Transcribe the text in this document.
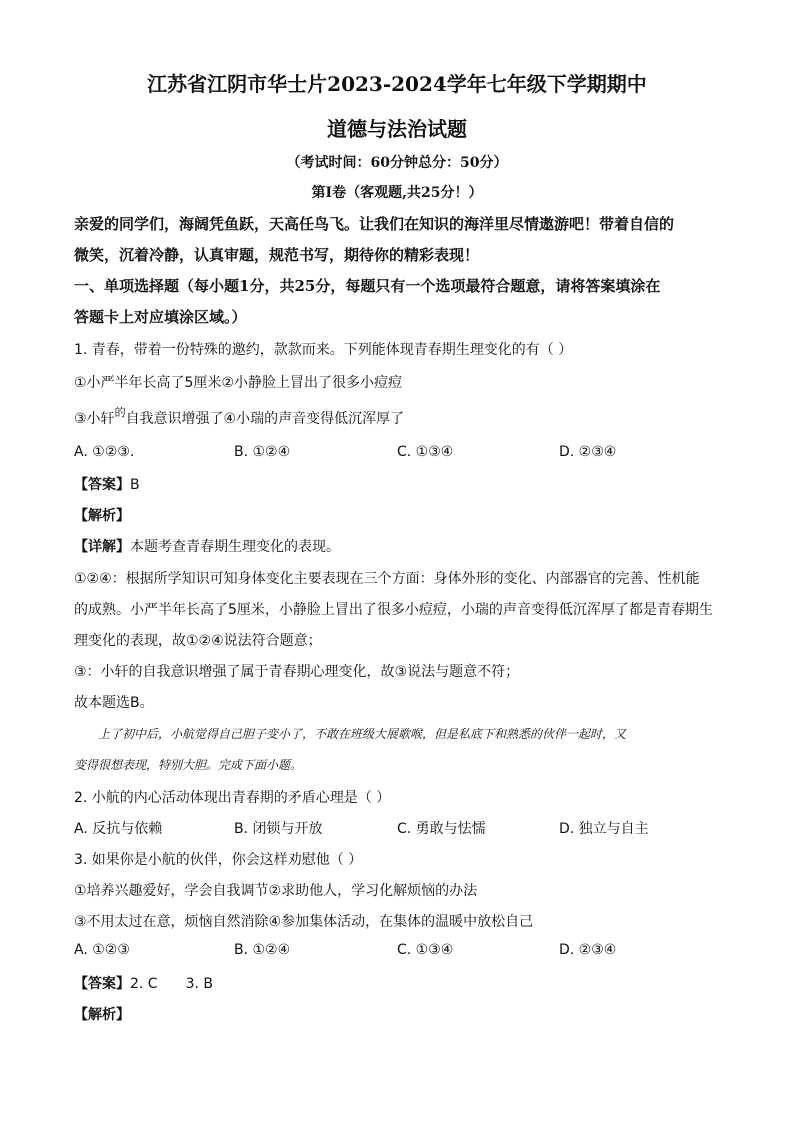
江苏省江阴市华士片2023-2024学年七年级下学期期中
道德与法治试题
（考试时间：60分钟总分：50分）
第Ⅰ卷（客观题,共25分！）
亲爱的同学们，海阔凭鱼跃，天高任鸟飞。让我们在知识的海洋里尽情遨游吧！带着自信的
微笑，沉着冷静，认真审题，规范书写，期待你的精彩表现！
一、单项选择题（每小题1分，共25分，每题只有一个选项最符合题意，请将答案填涂在
答题卡上对应填涂区域。）
1. 青春，带着一份特殊的邀约，款款而来。下列能体现青春期生理变化的有（ ）
①小严半年长高了5厘米②小静脸上冒出了很多小痘痘
③小轩$^的$自我意识增强了④小瑞的声音变得低沉浑厚了
A. ①②③.	B. ①②④	C. ①③④	D. ②③④
【答案】B
【解析】
【详解】本题考查青春期生理变化的表现。
①②④：根据所学知识可知身体变化主要表现在三个方面：身体外形的变化、内部器官的完善、性机能
的成熟。小严半年长高了5厘米，小静脸上冒出了很多小痘痘，小瑞的声音变得低沉浑厚了都是青春期生
理变化的表现，故①②④说法符合题意；
③：小轩的自我意识增强了属于青春期心理变化，故③说法与题意不符；
故本题选B。
上了初中后，小航觉得自己胆子变小了，不敢在班级大展歌喉，但是私底下和熟悉的伙伴一起时，又
变得很想表现，特别大胆。完成下面小题。
2. 小航的内心活动体现出青春期的矛盾心理是（ ）
A. 反抗与依赖	B. 闭锁与开放	C. 勇敢与怯懦	D. 独立与自主
3. 如果你是小航的伙伴，你会这样劝慰他（ ）
①培养兴趣爱好，学会自我调节②求助他人，学习化解烦恼的办法
③不用太过在意，烦恼自然消除④参加集体活动，在集体的温暖中放松自己
A. ①②③	B. ①②④	C. ①③④	D. ②③④
【答案】2. C 3. B
【解析】
